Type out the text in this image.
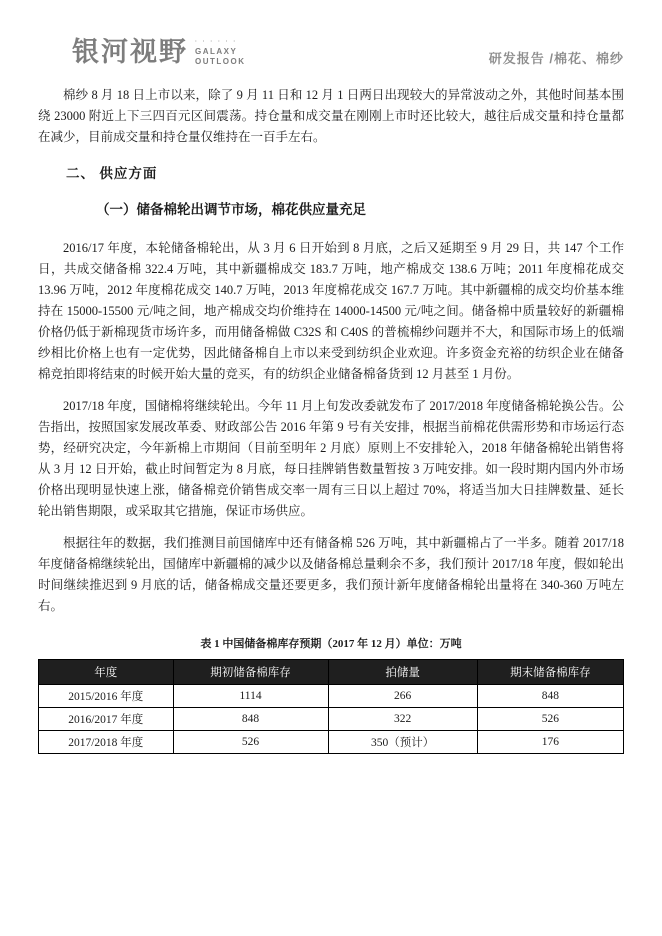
银河视野 · · · · · ·
GALAXY
OUTLOOK	研发报告 /棉花、棉纱

棉纱 8 月 18 日上市以来，除了 9 月 11 日和 12 月 1 日两日出现较大的异常波动之外，其他时间基本围绕 23000 附近上下三四百元区间震荡。持仓量和成交量在刚刚上市时还比较大，越往后成交量和持仓量都在减少，目前成交量和持仓量仅维持在一百手左右。

二、 供应方面
（一）储备棉轮出调节市场，棉花供应量充足

2016/17 年度，本轮储备棉轮出，从 3 月 6 日开始到 8 月底，之后又延期至 9 月 29 日，共 147 个工作日，共成交储备棉 322.4 万吨，其中新疆棉成交 183.7 万吨，地产棉成交 138.6 万吨；2011 年度棉花成交 13.96 万吨，2012 年度棉花成交 140.7 万吨，2013 年度棉花成交 167.7 万吨。其中新疆棉的成交均价基本维持在 15000-15500 元/吨之间，地产棉成交均价维持在 14000-14500 元/吨之间。储备棉中质量较好的新疆棉价格仍低于新棉现货市场许多，而用储备棉做 C32S 和 C40S 的普梳棉纱问题并不大，和国际市场上的低端纱相比价格上也有一定优势，因此储备棉自上市以来受到纺织企业欢迎。许多资金充裕的纺织企业在储备棉竞拍即将结束的时候开始大量的竞买，有的纺织企业储备棉备货到 12 月甚至 1 月份。

2017/18 年度，国储棉将继续轮出。今年 11 月上旬发改委就发布了 2017/2018 年度储备棉轮换公告。公告指出，按照国家发展改革委、财政部公告 2016 年第 9 号有关安排，根据当前棉花供需形势和市场运行态势，经研究决定，今年新棉上市期间（目前至明年 2 月底）原则上不安排轮入，2018 年储备棉轮出销售将从 3 月 12 日开始，截止时间暂定为 8 月底，每日挂牌销售数量暂按 3 万吨安排。如一段时期内国内外市场价格出现明显快速上涨，储备棉竞价销售成交率一周有三日以上超过 70%，将适当加大日挂牌数量、延长轮出销售期限，或采取其它措施，保证市场供应。

根据往年的数据，我们推测目前国储库中还有储备棉 526 万吨，其中新疆棉占了一半多。随着 2017/18 年度储备棉继续轮出，国储库中新疆棉的减少以及储备棉总量剩余不多，我们预计 2017/18 年度，假如轮出时间继续推迟到 9 月底的话，储备棉成交量还要更多，我们预计新年度储备棉轮出量将在 340-360 万吨左右。

表 1 中国储备棉库存预期（2017 年 12 月）单位：万吨
年度	期初储备棉库存	拍储量	期末储备棉库存
2015/2016 年度	1114	266	848
2016/2017 年度	848	322	526
2017/2018 年度	526	350（预计）	176
